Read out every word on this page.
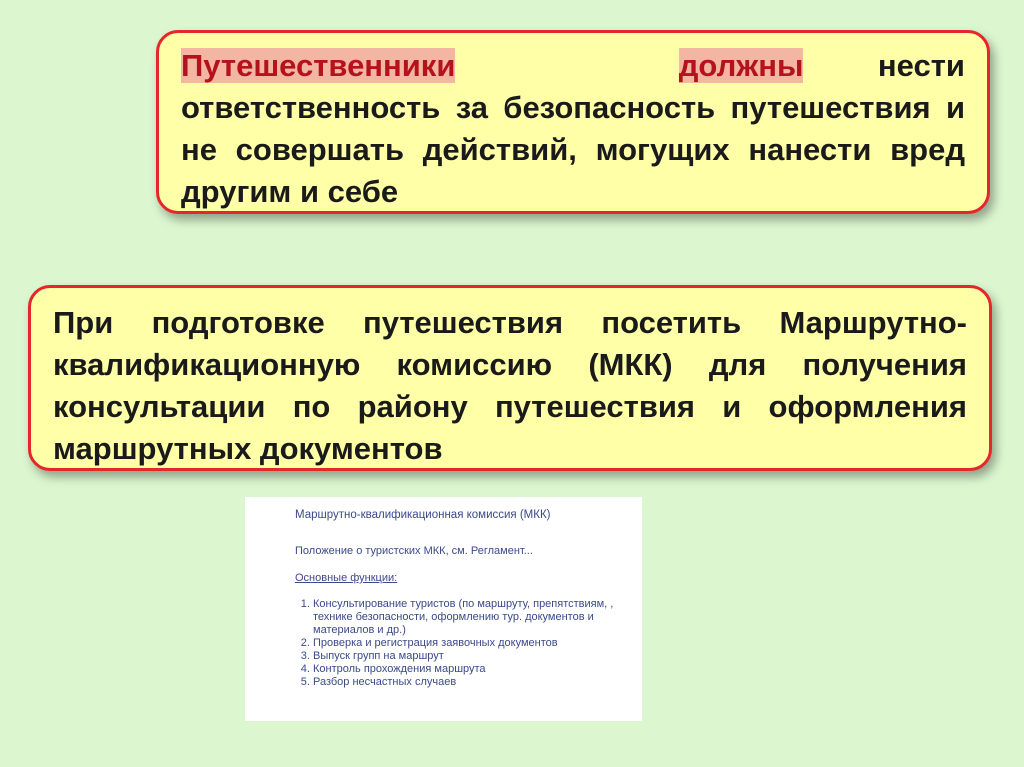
Путешественники	должны нести ответственность за безопасность путешествия и не совершать действий, могущих нанести вред другим и себе
При подготовке путешествия посетить Маршрутно-квалификационную комиссию (МКК) для получения консультации по району путешествия и оформления маршрутных документов
Маршрутно-квалификационная комиссия (МКК)
Положение о туристских МКК, см. Регламент...
Основные функции:
1. Консультирование туристов (по маршруту, препятствиям, , технике безопасности, оформлению тур. документов и материалов и др.)
2. Проверка и регистрация заявочных документов
3. Выпуск групп на маршрут
4. Контроль прохождения маршрута
5. Разбор несчастных случаев
